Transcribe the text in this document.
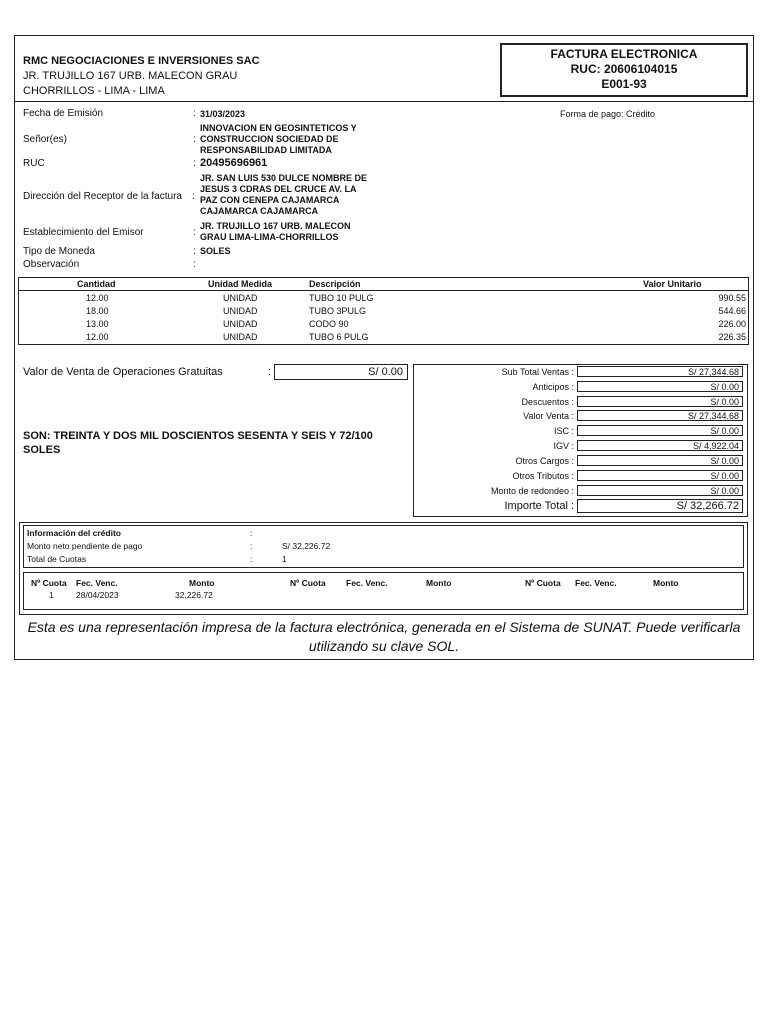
RMC NEGOCIACIONES E INVERSIONES SAC
JR. TRUJILLO 167 URB. MALECON GRAU
CHORRILLOS - LIMA - LIMA
FACTURA ELECTRONICA
RUC: 20606104015
E001-93
Fecha de Emisión	: 31/03/2023	Forma de pago: Crédito
Señor(es)	:
INNOVACION EN GEOSINTETICOS Y CONSTRUCCION SOCIEDAD DE RESPONSABILIDAD LIMITADA
RUC	: 20495696961
Dirección del Receptor de la factura :
JR. SAN LUIS 530 DULCE NOMBRE DE JESUS 3 CDRAS DEL CRUCE AV. LA PAZ CON CENEPA CAJAMARCA CAJAMARCA CAJAMARCA
Establecimiento del Emisor	:
JR. TRUJILLO 167 URB. MALECON GRAU LIMA-LIMA-CHORRILLOS
Tipo de Moneda	: SOLES
Observación	:
Cantidad	Unidad Medida	Descripción	Valor Unitario
12.00	UNIDAD	TUBO 10 PULG	990.55
18.00	UNIDAD	TUBO 3PULG	544.66
13.00	UNIDAD	CODO 90	226.00
12.00	UNIDAD	TUBO 6 PULG	226.35
Valor de Venta de Operaciones Gratuitas	:	S/ 0.00
SON: TREINTA Y DOS MIL DOSCIENTOS SESENTA Y SEIS Y 72/100 SOLES
Sub Total Ventas :	S/ 27,344.68
Anticipos :	S/ 0.00
Descuentos :	S/ 0.00
Valor Venta :	S/ 27,344.68
ISC :	S/ 0.00
IGV :	S/ 4,922.04
Otros Cargos :	S/ 0.00
Otros Tributos :	S/ 0.00
Monto de redondeo :	S/ 0.00
Importe Total :	S/ 32,266.72
Información del crédito	:
Monto neto pendiente de pago	:	S/ 32,226.72
Total de Cuotas	:	1
Nº Cuota Fec. Venc.	Monto	Nº Cuota Fec. Venc.	Monto	Nº Cuota Fec. Venc.	Monto
1	28/04/2023	32,226.72
Esta es una representación impresa de la factura electrónica, generada en el Sistema de SUNAT. Puede verificarla utilizando su clave SOL.
